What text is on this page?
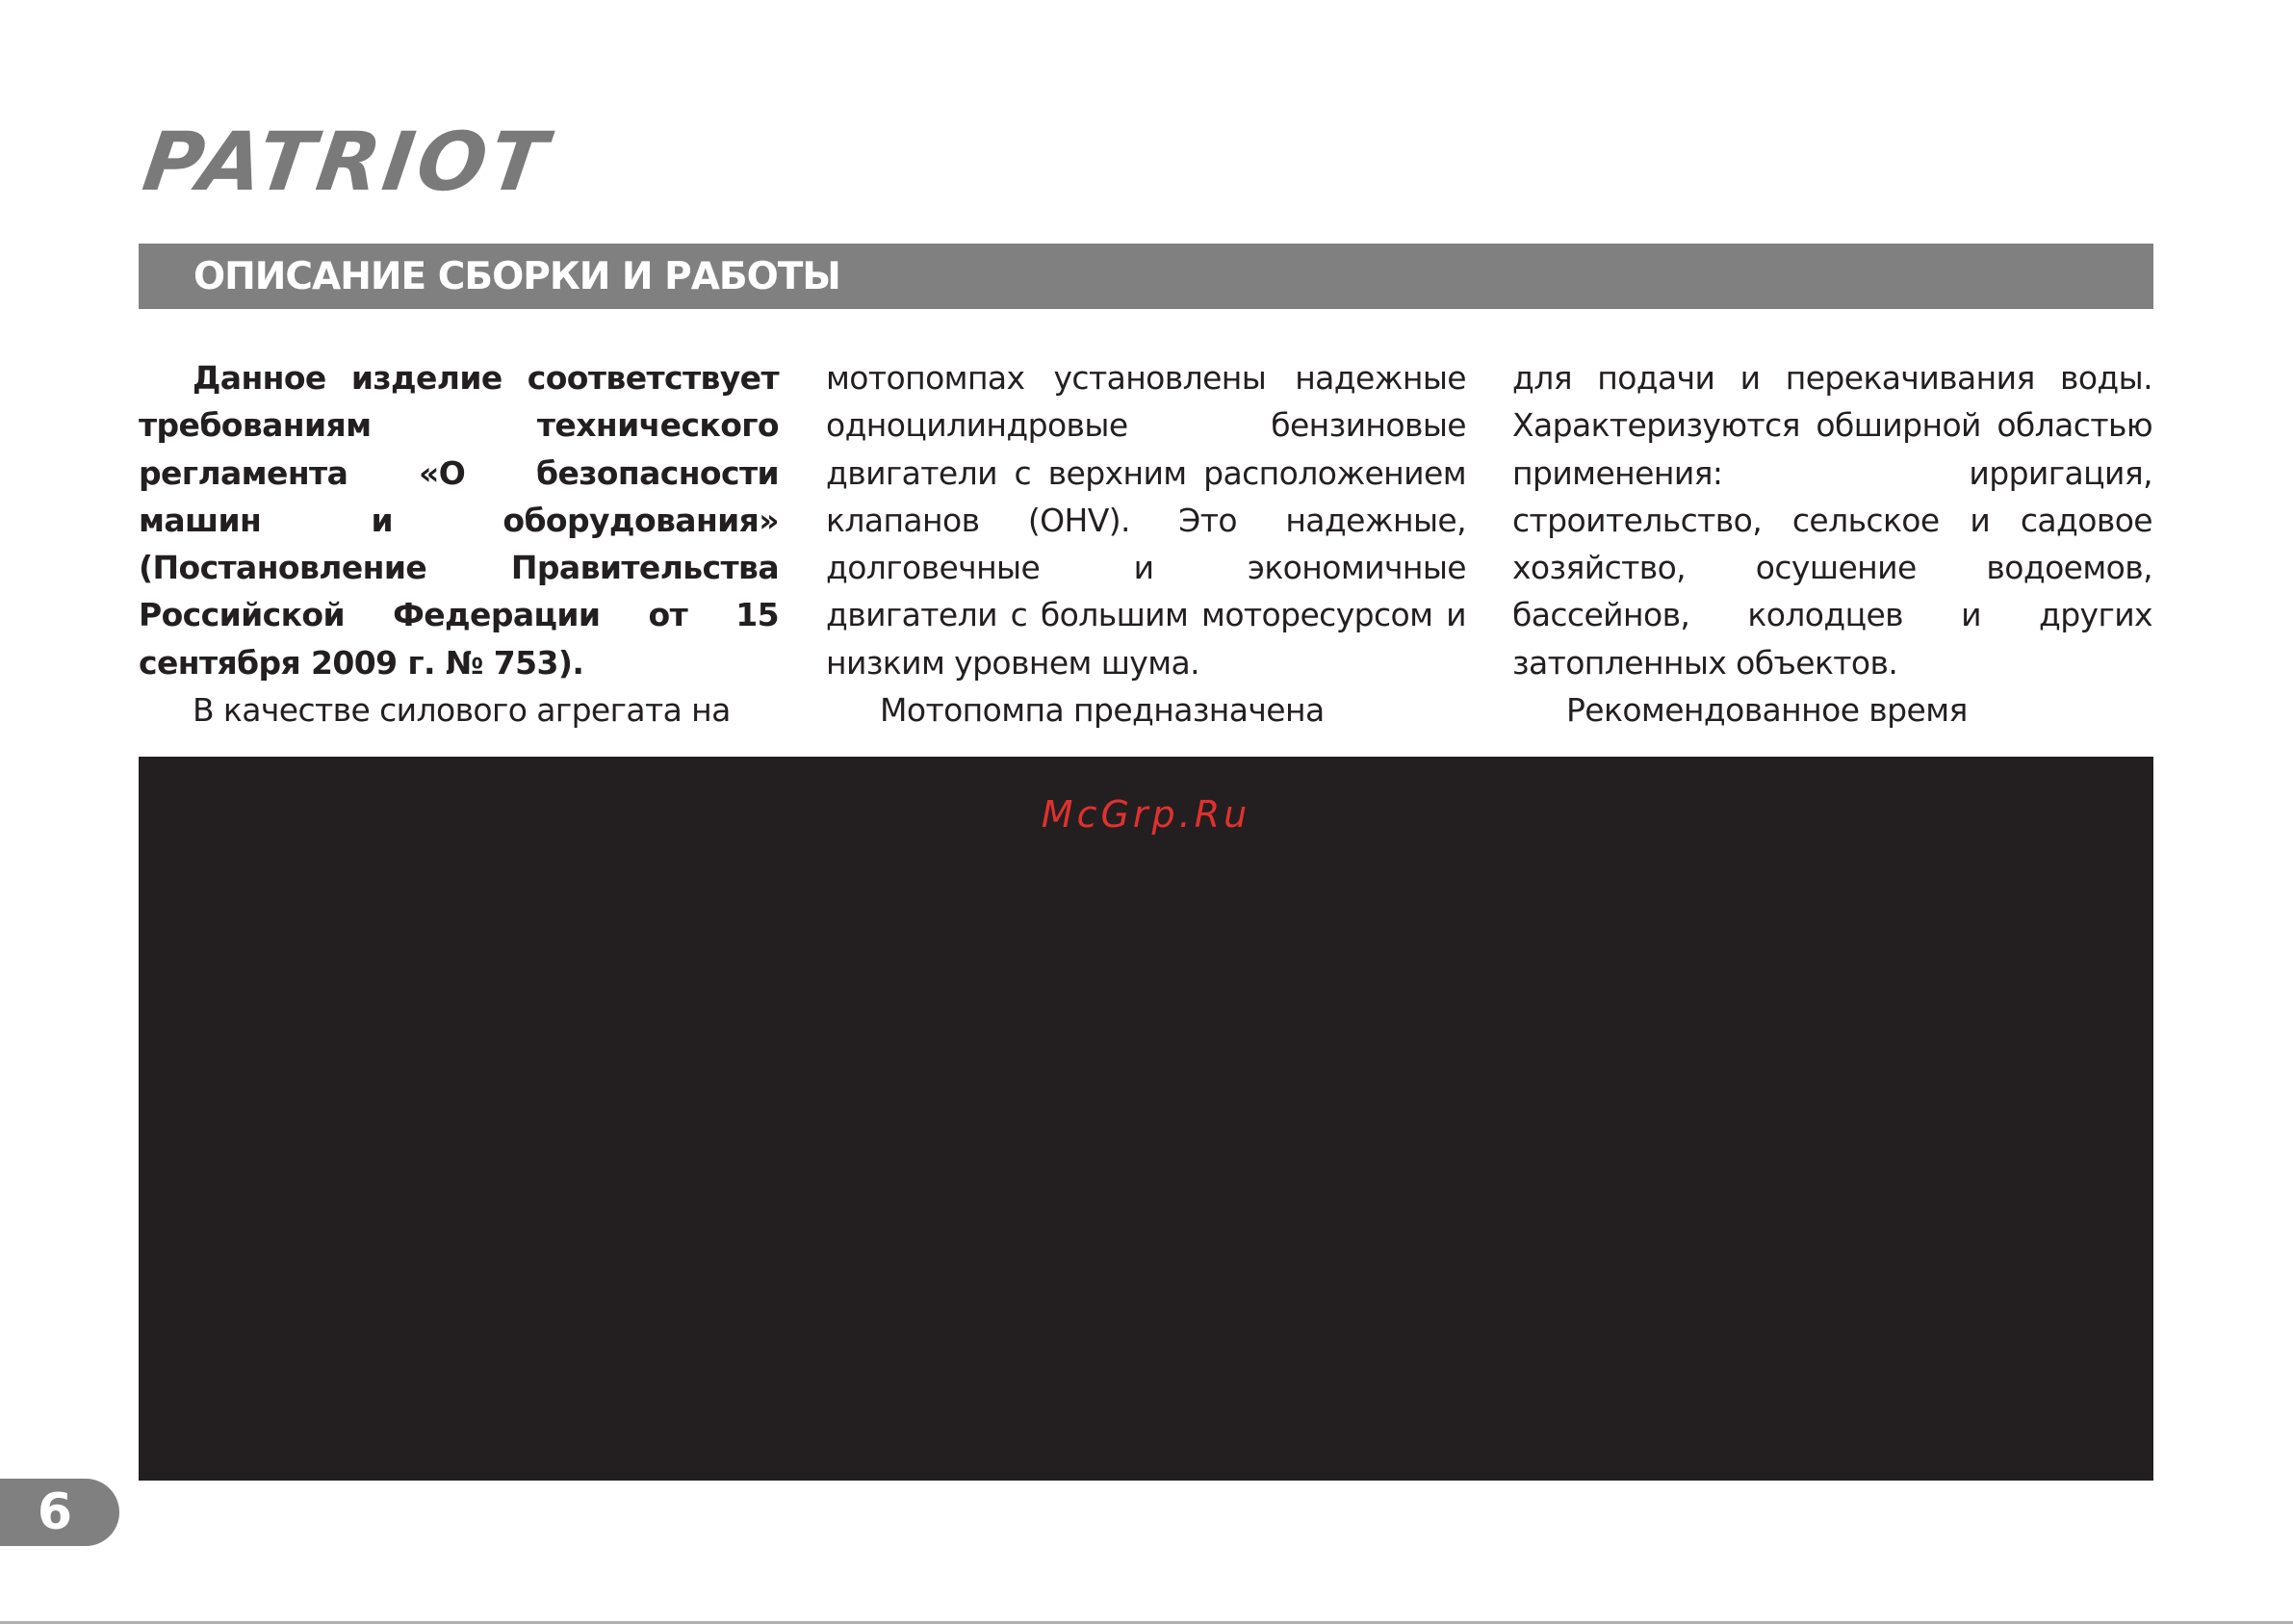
PATRIOT
ОПИСАНИЕ СБОРКИ И РАБОТЫ

Данное изделие соответствует требованиям технического регламента «О безопасности машин и оборудования» (Постановление Правительства Российской Федерации от 15 сентября 2009 г. № 753).

В качестве силового агрегата на

мотопомпах установлены надежные одноцилиндровые бензиновые двигатели с верхним расположением клапанов (OHV). Это надежные, долговечные и экономичные двигатели с большим моторесурсом и низким уровнем шума.

Мотопомпа предназначена

для подачи и перекачивания воды. Характеризуются обширной областью применения: ирригация, строительство, сельское и садовое хозяйство, осушение водоемов, бассейнов, колодцев и других затопленных объектов.

Рекомендованное время

McGrp.Ru
6
